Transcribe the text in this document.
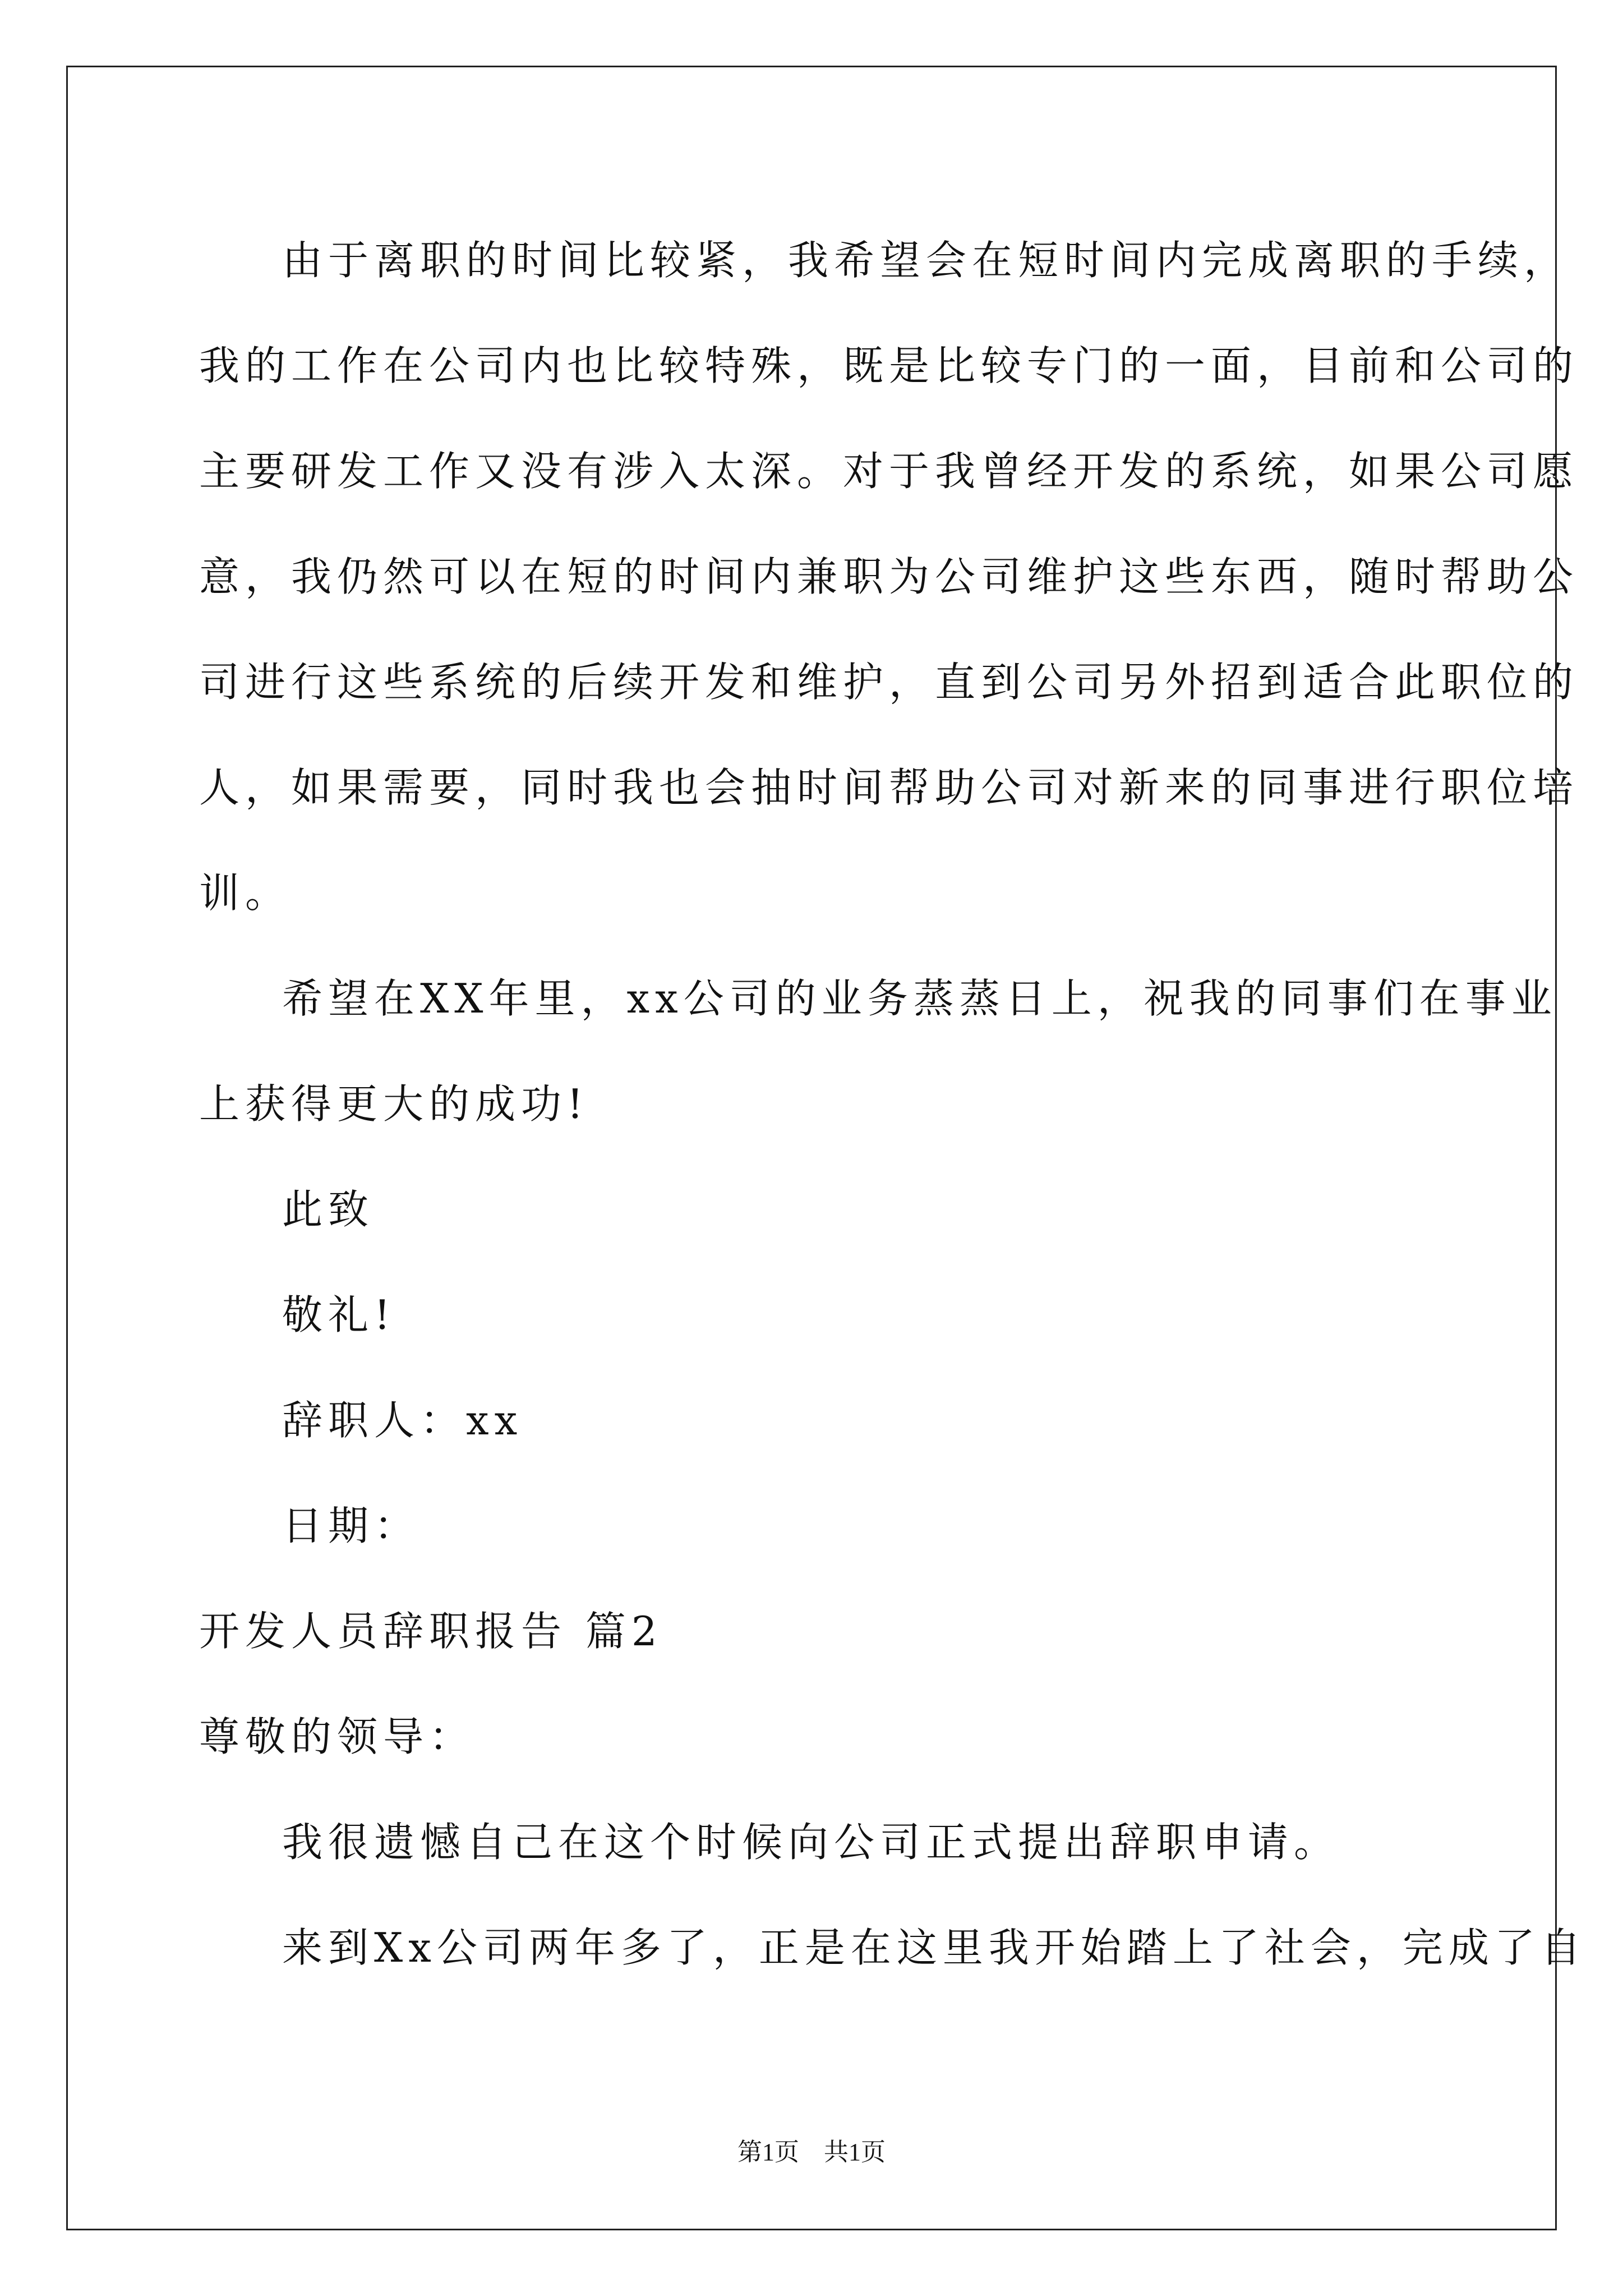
由于离职的时间比较紧，我希望会在短时间内完成离职的手续，
我的工作在公司内也比较特殊，既是比较专门的一面，目前和公司的
主要研发工作又没有涉入太深。对于我曾经开发的系统，如果公司愿
意，我仍然可以在短的时间内兼职为公司维护这些东西，随时帮助公
司进行这些系统的后续开发和维护，直到公司另外招到适合此职位的
人，如果需要，同时我也会抽时间帮助公司对新来的同事进行职位培
训。
希望在XX年里，xx公司的业务蒸蒸日上，祝我的同事们在事业
上获得更大的成功!
此致
敬礼!
辞职人：xx
日期：
开发人员辞职报告 篇2
尊敬的领导：
我很遗憾自己在这个时候向公司正式提出辞职申请。
来到Xx公司两年多了，正是在这里我开始踏上了社会，完成了自
第1页　共1页
